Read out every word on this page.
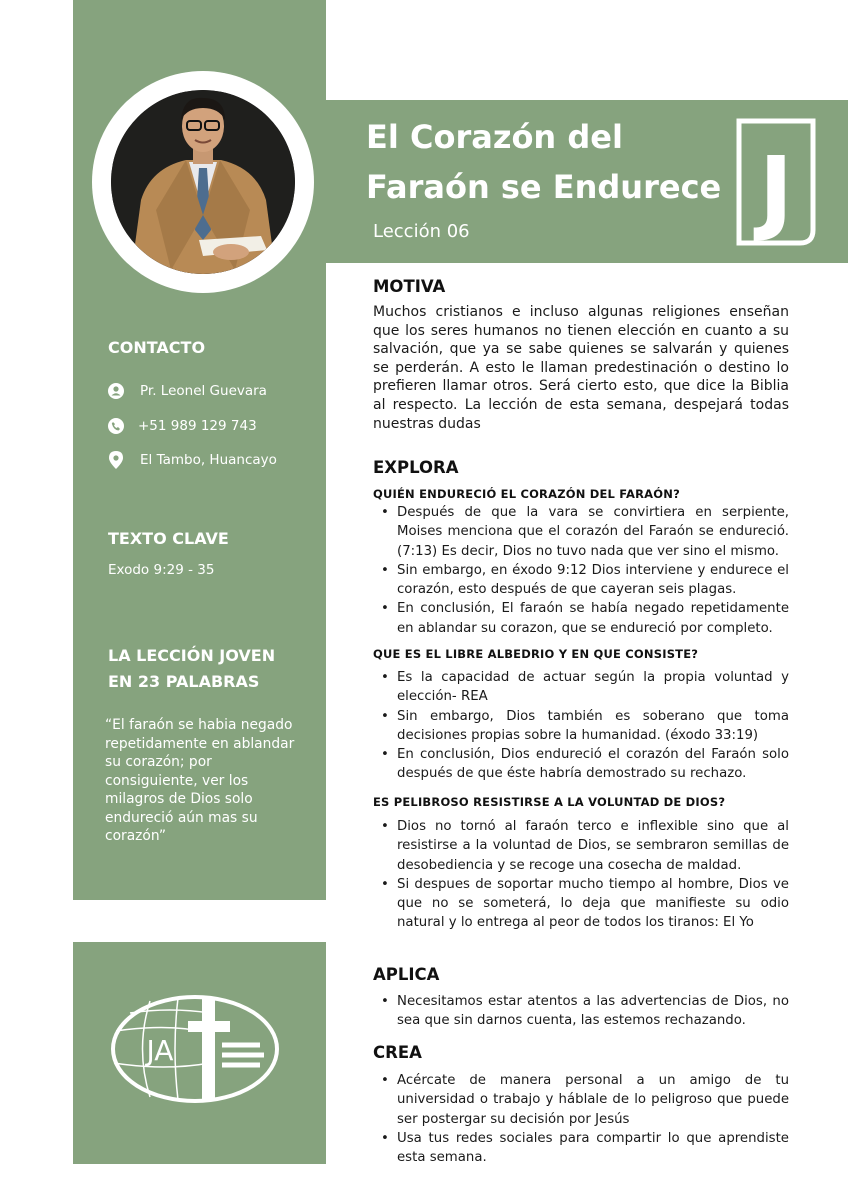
El Corazón del Faraón se Endurece
Lección 06	J
CONTACTO
Pr. Leonel Guevara
+51 989 129 743
El Tambo, Huancayo
TEXTO CLAVE
Exodo 9:29 - 35
LA LECCIÓN JOVEN
EN 23 PALABRAS
“El faraón se habia negado repetidamente en ablandar su corazón; por consiguiente, ver los milagros de Dios solo endureció aún mas su corazón”
JA
MOTIVA
Muchos cristianos e incluso algunas religiones enseñan que los seres humanos no tienen elección en cuanto a su salvación, que ya se sabe quienes se salvarán y quienes se perderán. A esto le llaman predestinación o destino lo prefieren llamar otros. Será cierto esto, que dice la Biblia al respecto. La lección de esta semana, despejará todas nuestras dudas
EXPLORA
QUIÉN ENDURECIÓ EL CORAZÓN DEL FARAÓN?
• Después de que la vara se convirtiera en serpiente, Moises menciona que el corazón del Faraón se endureció. (7:13) Es decir, Dios no tuvo nada que ver sino el mismo.
• Sin embargo, en éxodo 9:12 Dios interviene y endurece el corazón, esto después de que cayeran seis plagas.
• En conclusión, El faraón se había negado repetidamente en ablandar su corazon, que se endureció por completo.
QUE ES EL LIBRE ALBEDRIO Y EN QUE CONSISTE?
• Es la capacidad de actuar según la propia voluntad y elección- REA
• Sin embargo, Dios también es soberano que toma decisiones propias sobre la humanidad. (éxodo 33:19)
• En conclusión, Dios endureció el corazón del Faraón solo después de que éste habría demostrado su rechazo.
ES PELIBROSO RESISTIRSE A LA VOLUNTAD DE DIOS?
• Dios no tornó al faraón terco e inflexible sino que al resistirse a la voluntad de Dios, se sembraron semillas de desobediencia y se recoge una cosecha de maldad.
• Si despues de soportar mucho tiempo al hombre, Dios ve que no se someterá, lo deja que manifieste su odio natural y lo entrega al peor de todos los tiranos: El Yo
APLICA
• Necesitamos estar atentos a las advertencias de Dios, no sea que sin darnos cuenta, las estemos rechazando.
CREA
• Acércate de manera personal a un amigo de tu universidad o trabajo y háblale de lo peligroso que puede ser postergar su decisión por Jesús
• Usa tus redes sociales para compartir lo que aprendiste esta semana.
